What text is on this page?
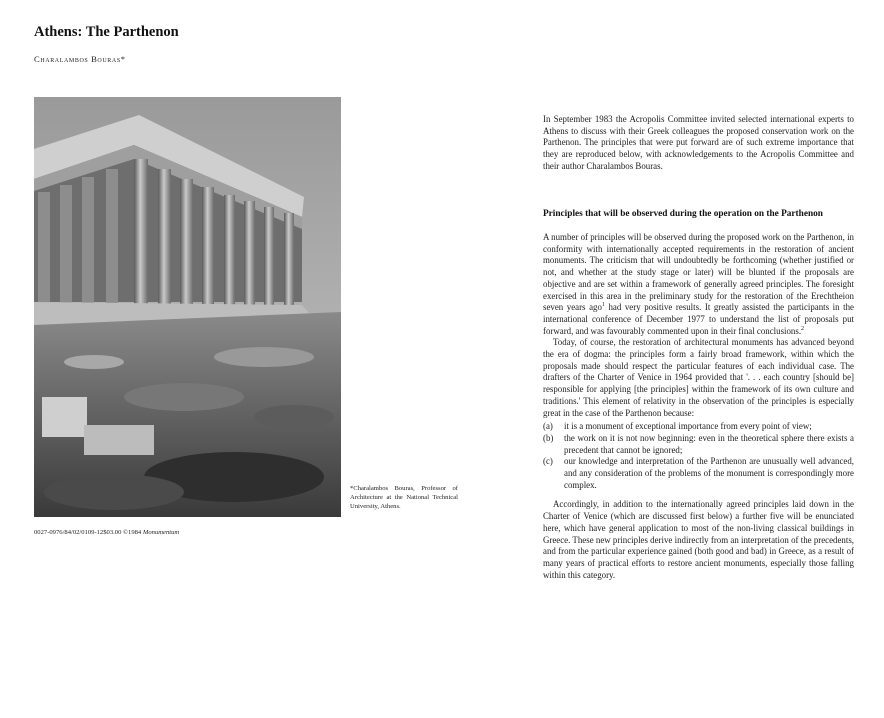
Athens: The Parthenon
Charalambos Bouras*
*Charalambos Bouras, Professor of Architecture at the National Technical University, Athens.
0027-0976/84/02/0109-12$03.00 ©1984 Monumentum

In September 1983 the Acropolis Committee invited selected international experts to Athens to discuss with their Greek colleagues the proposed conservation work on the Parthenon. The principles that were put forward are of such extreme importance that they are reproduced below, with acknowledgements to the Acropolis Committee and their author Charalambos Bouras.

Principles that will be observed during the operation on the Parthenon

A number of principles will be observed during the proposed work on the Parthenon, in conformity with internationally accepted requirements in the restoration of ancient monuments. The criticism that will undoubtedly be forthcoming (whether justified or not, and whether at the study stage or later) will be blunted if the proposals are objective and are set within a framework of generally agreed principles. The foresight exercised in this area in the preliminary study for the restoration of the Erechtheion seven years ago$^1$ had very positive results. It greatly assisted the participants in the international conference of December 1977 to understand the list of proposals put forward, and was favourably commented upon in their final conclusions.$^2$

Today, of course, the restoration of architectural monuments has advanced beyond the era of dogma: the principles form a fairly broad framework, within which the proposals made should respect the particular features of each individual case. The drafters of the Charter of Venice in 1964 provided that '. . . each country [should be] responsible for applying [the principles] within the framework of its own culture and traditions.' This element of relativity in the observation of the principles is especially great in the case of the Parthenon because:

(a)	it is a monument of exceptional importance from every point of view;
(b)	the work on it is not now beginning: even in the theoretical sphere there exists a precedent that cannot be ignored;
(c)	our knowledge and interpretation of the Parthenon are unusually well advanced, and any consideration of the problems of the monument is correspondingly more complex.

Accordingly, in addition to the internationally agreed principles laid down in the Charter of Venice (which are discussed first below) a further five will be enunciated here, which have general application to most of the non-living classical buildings in Greece. These new principles derive indirectly from an interpretation of the precedents, and from the particular experience gained (both good and bad) in Greece, as a result of many years of practical efforts to restore ancient monuments, especially those falling within this category.
